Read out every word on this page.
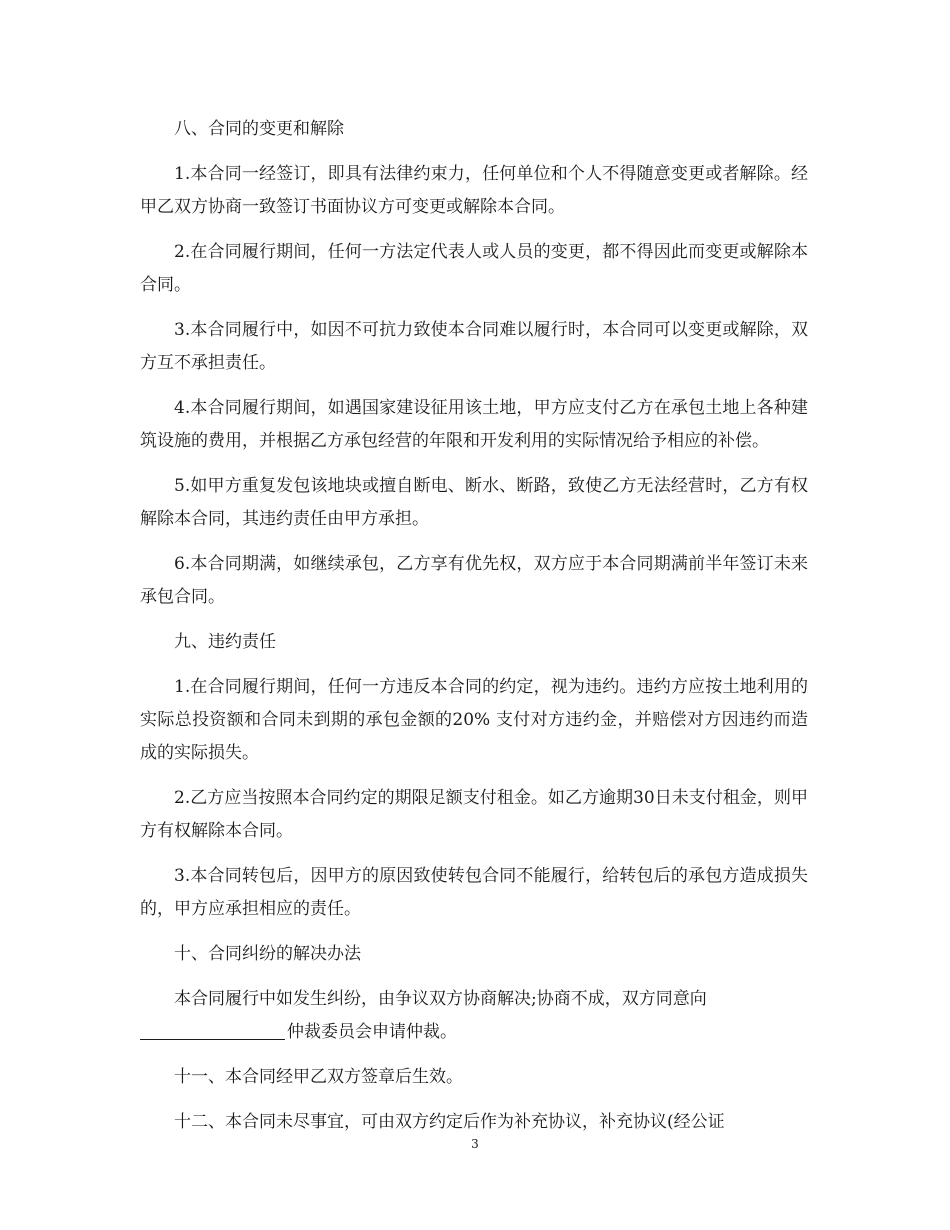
八、合同的变更和解除

1.本合同一经签订，即具有法律约束力，任何单位和个人不得随意变更或者解除。经甲乙双方协商一致签订书面协议方可变更或解除本合同。

2.在合同履行期间，任何一方法定代表人或人员的变更，都不得因此而变更或解除本合同。

3.本合同履行中，如因不可抗力致使本合同难以履行时，本合同可以变更或解除，双方互不承担责任。

4.本合同履行期间，如遇国家建设征用该土地，甲方应支付乙方在承包土地上各种建筑设施的费用，并根据乙方承包经营的年限和开发利用的实际情况给予相应的补偿。

5.如甲方重复发包该地块或擅自断电、断水、断路，致使乙方无法经营时，乙方有权解除本合同，其违约责任由甲方承担。

6.本合同期满，如继续承包，乙方享有优先权，双方应于本合同期满前半年签订未来承包合同。

九、违约责任

1.在合同履行期间，任何一方违反本合同的约定，视为违约。违约方应按土地利用的实际总投资额和合同未到期的承包金额的20% 支付对方违约金，并赔偿对方因违约而造成的实际损失。

2.乙方应当按照本合同约定的期限足额支付租金。如乙方逾期30日未支付租金，则甲方有权解除本合同。

3.本合同转包后，因甲方的原因致使转包合同不能履行，给转包后的承包方造成损失的，甲方应承担相应的责任。

十、合同纠纷的解决办法

本合同履行中如发生纠纷，由争议双方协商解决;协商不成，双方同意向
仲裁委员会申请仲裁。

十一、本合同经甲乙双方签章后生效。

十二、本合同未尽事宜，可由双方约定后作为补充协议，补充协议(经公证

3
